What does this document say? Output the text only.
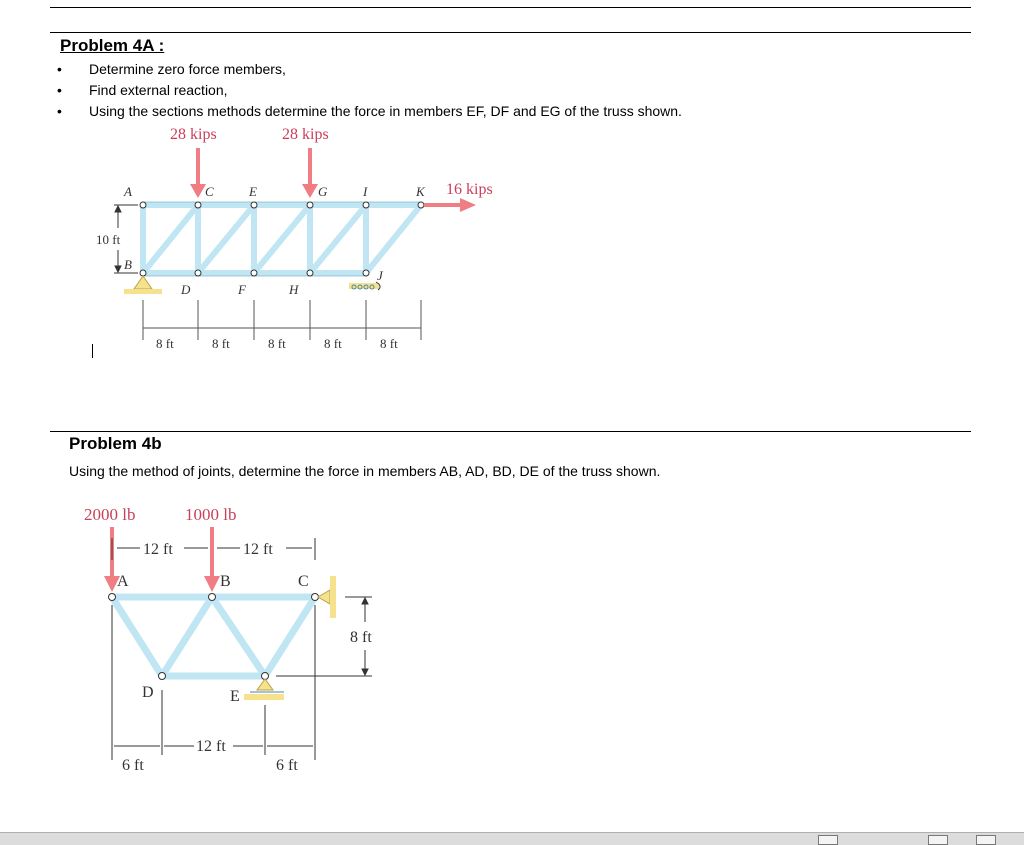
Problem 4A :
•	Determine zero force members,
•	Find external reaction,
•	Using the sections methods determine the force in members EF, DF and EG of the truss shown.
28 kips	28 kips
16 kips
A	C	E	G	I	K
B
D	F	H
J
10 ft
8 ft	8 ft	8 ft	8 ft	8 ft
Problem 4b
Using the method of joints, determine the force in members AB, AD, BD, DE of the truss shown.
2000 lb	1000 lb
12 ft	12 ft
A	B	C
D	E
8 ft
6 ft
12 ft
6 ft
